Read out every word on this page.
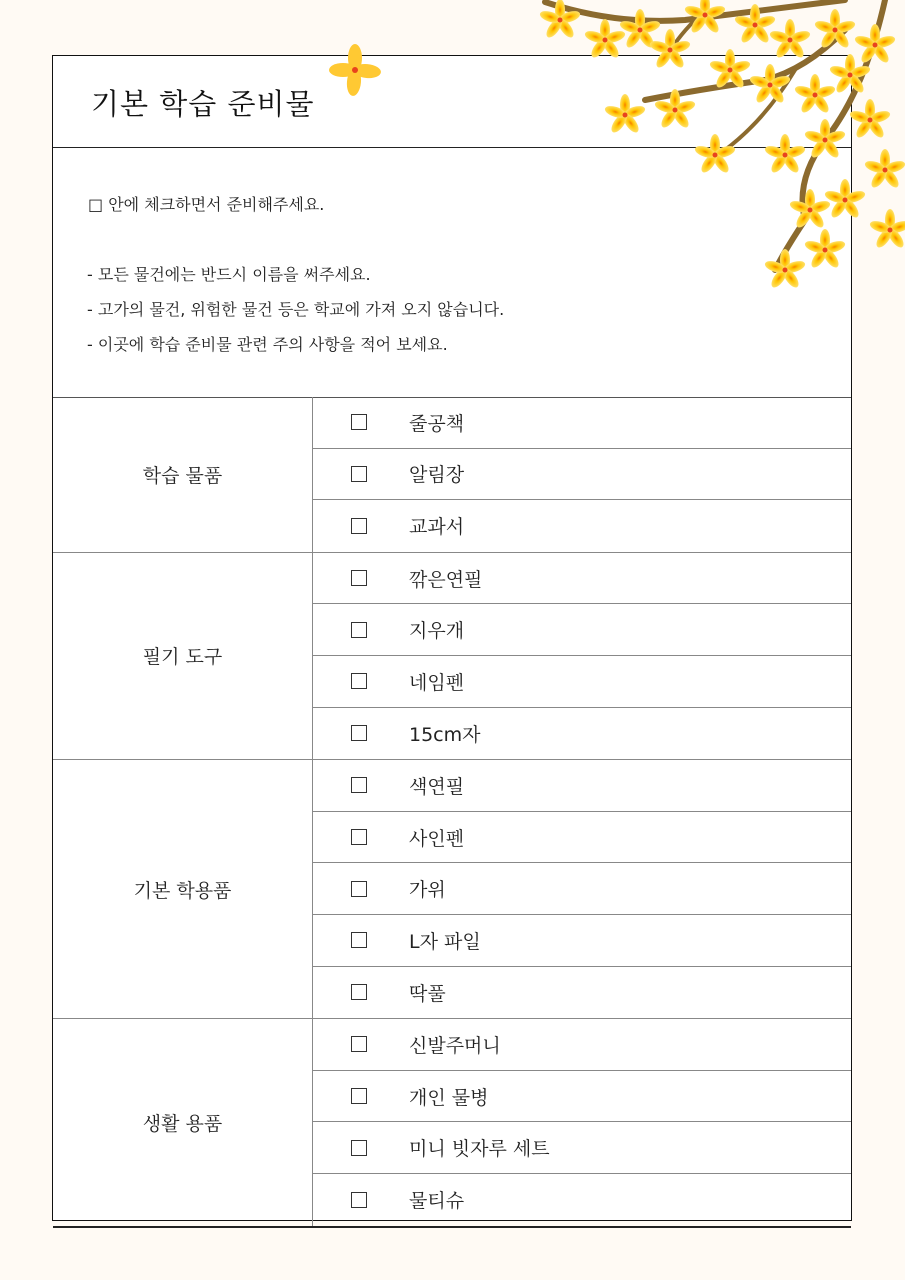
기본 학습 준비물
□ 안에 체크하면서 준비해주세요.
- 모든 물건에는 반드시 이름을 써주세요.
- 고가의 물건, 위험한 물건 등은 학교에 가져 오지 않습니다.
- 이곳에 학습 준비물 관련 주의 사항을 적어 보세요.
학습 물품
줄공책
알림장
교과서
필기 도구
깎은연필
지우개
네임펜
15cm자
기본 학용품
색연필
사인펜
가위
L자 파일
딱풀
생활 용품
신발주머니
개인 물병
미니 빗자루 세트
물티슈
